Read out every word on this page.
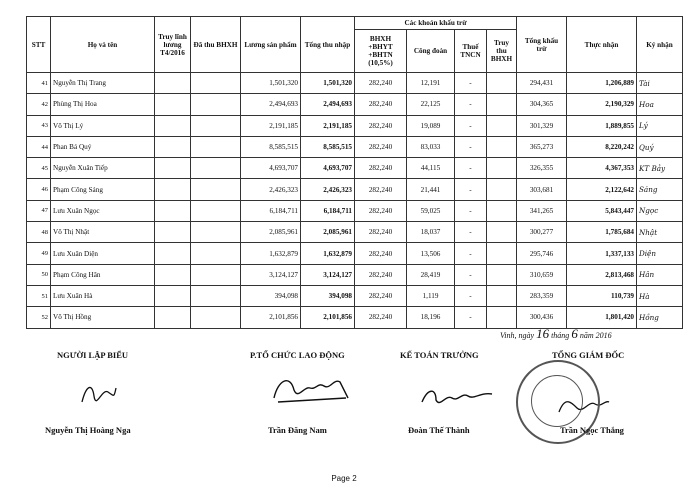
STT	Họ và tên	Truy lĩnh lương T4/2016	Đã thu BHXH	Lương sản phẩm	Tổng thu nhập	Các khoản khấu trừ				Tổng khấu trừ	Thực nhận	Ký nhận
						BHXH +BHYT +BHTN (10,5%)	Công đoàn	Thuế TNCN	Truy thu BHXH			
41	Nguyễn Thị Trang			1,501,320	1,501,320	282,240	12,191	-		294,431	1,206,889	Tài
42	Phùng Thị Hoa			2,494,693	2,494,693	282,240	22,125	-		304,365	2,190,329	Hoa
43	Võ Thị Lý			2,191,185	2,191,185	282,240	19,089	-		301,329	1,889,855	Lý
44	Phan Bá Quý			8,585,515	8,585,515	282,240	83,033	-		365,273	8,220,242	Quý
45	Nguyễn Xuân Tiếp			4,693,707	4,693,707	282,240	44,115	-		326,355	4,367,353	KT Bảy
46	Phạm Công Sáng			2,426,323	2,426,323	282,240	21,441	-		303,681	2,122,642	Sáng
47	Lưu Xuân Ngọc			6,184,711	6,184,711	282,240	59,025	-		341,265	5,843,447	Ngọc
48	Võ Thị Nhật			2,085,961	2,085,961	282,240	18,037	-		300,277	1,785,684	Nhật
49	Lưu Xuân Diện			1,632,879	1,632,879	282,240	13,506	-		295,746	1,337,133	Diện
50	Phạm Công Hân			3,124,127	3,124,127	282,240	28,419	-		310,659	2,813,468	Hân
51	Lưu Xuân Hà			394,098	394,098	282,240	1,119	-		283,359	110,739	Hà
52	Võ Thị Hồng			2,101,856	2,101,856	282,240	18,196	-		300,436	1,801,420	Hồng
Vinh, ngày 16 tháng 6 năm 2016
NGƯỜI LẬP BIỂU	P.TỔ CHỨC LAO ĐỘNG	KẾ TOÁN TRƯỞNG	TỔNG GIÁM ĐỐC
Nguyễn Thị Hoàng Nga	Trần Đăng Nam	Đoàn Thế Thành	Trần Ngọc Thắng
Page 2
